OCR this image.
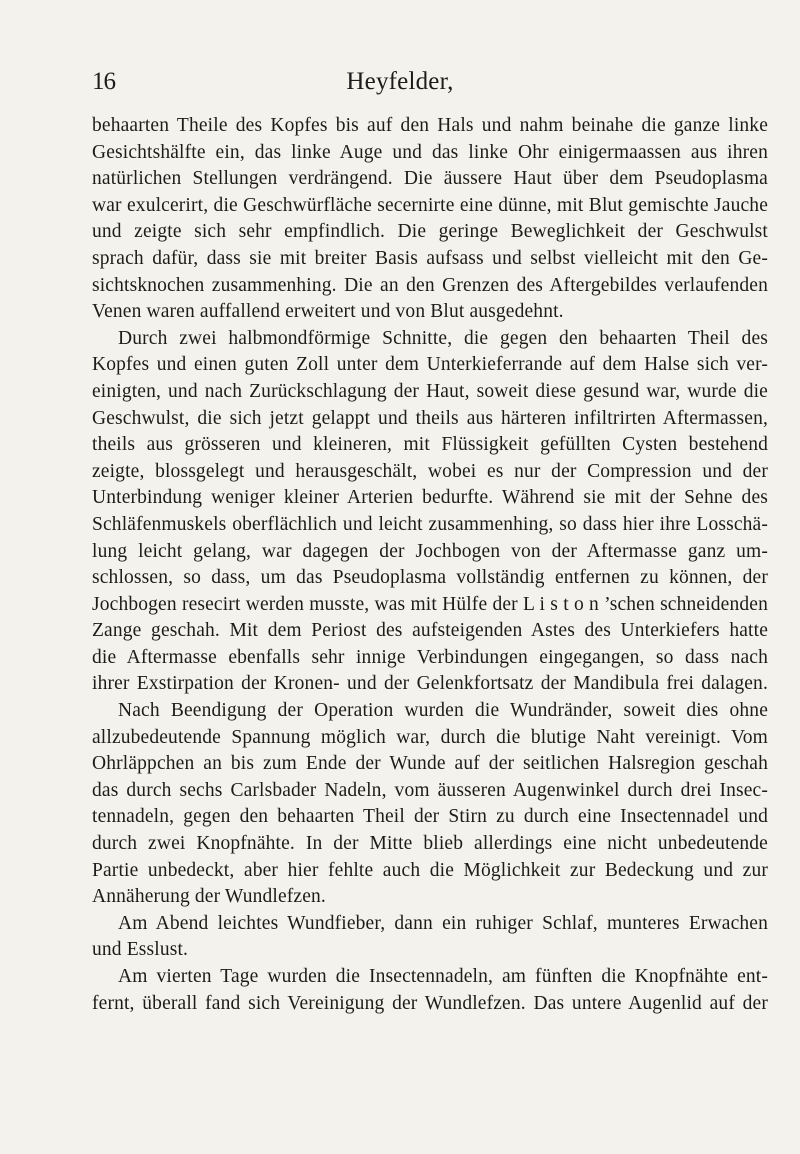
16	Heyfelder,
behaarten Theile des Kopfes bis auf den Hals und nahm beinahe die ganze linke
Gesichtshälfte ein, das linke Auge und das linke Ohr einigermaassen aus ihren
natürlichen Stellungen verdrängend. Die äussere Haut über dem Pseudoplasma
war exulcerirt, die Geschwürfläche secernirte eine dünne, mit Blut gemischte Jauche
und zeigte sich sehr empfindlich. Die geringe Beweglichkeit der Geschwulst
sprach dafür, dass sie mit breiter Basis aufsass und selbst vielleicht mit den Ge-
sichtsknochen zusammenhing. Die an den Grenzen des Aftergebildes verlaufenden
Venen waren auffallend erweitert und von Blut ausgedehnt.
Durch zwei halbmondförmige Schnitte, die gegen den behaarten Theil des
Kopfes und einen guten Zoll unter dem Unterkieferrande auf dem Halse sich ver-
einigten, und nach Zurückschlagung der Haut, soweit diese gesund war, wurde die
Geschwulst, die sich jetzt gelappt und theils aus härteren infiltrirten Aftermassen,
theils aus grösseren und kleineren, mit Flüssigkeit gefüllten Cysten bestehend
zeigte, blossgelegt und herausgeschält, wobei es nur der Compression und der
Unterbindung weniger kleiner Arterien bedurfte. Während sie mit der Sehne des
Schläfenmuskels oberflächlich und leicht zusammenhing, so dass hier ihre Losschä-
lung leicht gelang, war dagegen der Jochbogen von der Aftermasse ganz um-
schlossen, so dass, um das Pseudoplasma vollständig entfernen zu können, der
Jochbogen resecirt werden musste, was mit Hülfe der L i s t o n ’schen schneidenden
Zange geschah. Mit dem Periost des aufsteigenden Astes des Unterkiefers hatte
die Aftermasse ebenfalls sehr innige Verbindungen eingegangen, so dass nach
ihrer Exstirpation der Kronen- und der Gelenkfortsatz der Mandibula frei dalagen.
Nach Beendigung der Operation wurden die Wundränder, soweit dies ohne
allzubedeutende Spannung möglich war, durch die blutige Naht vereinigt. Vom
Ohrläppchen an bis zum Ende der Wunde auf der seitlichen Halsregion geschah
das durch sechs Carlsbader Nadeln, vom äusseren Augenwinkel durch drei Insec-
tennadeln, gegen den behaarten Theil der Stirn zu durch eine Insectennadel und
durch zwei Knopfnähte. In der Mitte blieb allerdings eine nicht unbedeutende
Partie unbedeckt, aber hier fehlte auch die Möglichkeit zur Bedeckung und zur
Annäherung der Wundlefzen.
Am Abend leichtes Wundfieber, dann ein ruhiger Schlaf, munteres Erwachen
und Esslust.
Am vierten Tage wurden die Insectennadeln, am fünften die Knopfnähte ent-
fernt, überall fand sich Vereinigung der Wundlefzen. Das untere Augenlid auf der
